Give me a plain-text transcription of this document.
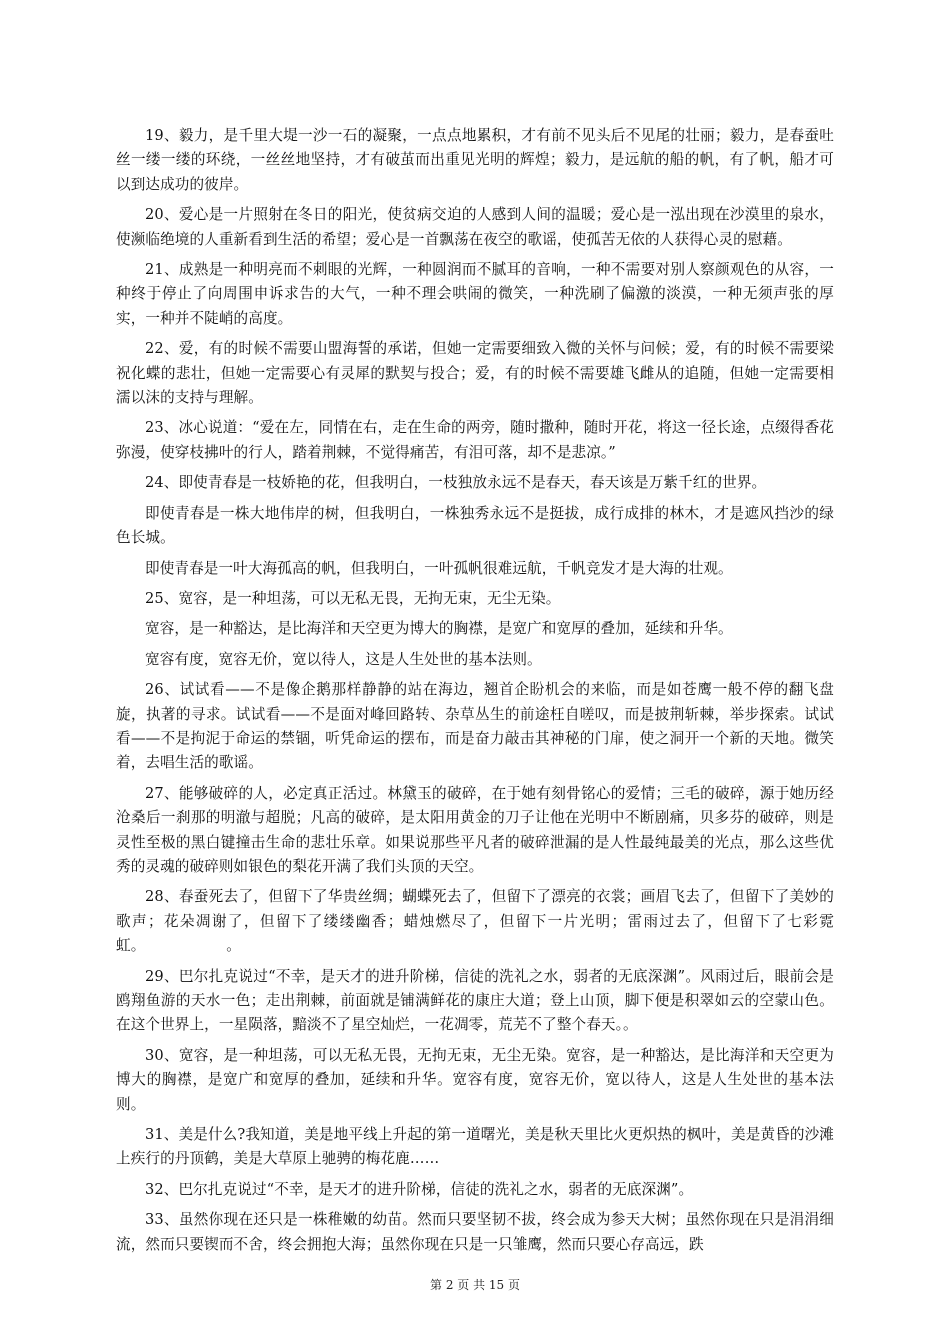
19、毅力，是千里大堤一沙一石的凝聚，一点点地累积，才有前不见头后不见尾的壮丽；毅力，是春蚕吐丝一缕一缕的环绕，一丝丝地坚持，才有破茧而出重见光明的辉煌；毅力，是远航的船的帆，有了帆，船才可以到达成功的彼岸。

20、爱心是一片照射在冬日的阳光，使贫病交迫的人感到人间的温暖；爱心是一泓出现在沙漠里的泉水，使濒临绝境的人重新看到生活的希望；爱心是一首飘荡在夜空的歌谣，使孤苦无依的人获得心灵的慰藉。

21、成熟是一种明亮而不刺眼的光辉，一种圆润而不腻耳的音响，一种不需要对别人察颜观色的从容，一种终于停止了向周围申诉求告的大气，一种不理会哄闹的微笑，一种洗刷了偏激的淡漠，一种无须声张的厚实，一种并不陡峭的高度。

22、爱，有的时候不需要山盟海誓的承诺，但她一定需要细致入微的关怀与问候；爱，有的时候不需要梁祝化蝶的悲壮，但她一定需要心有灵犀的默契与投合；爱，有的时候不需要雄飞雌从的追随，但她一定需要相濡以沫的支持与理解。

23、冰心说道：“爱在左，同情在右，走在生命的两旁，随时撒种，随时开花，将这一径长途，点缀得香花弥漫，使穿枝拂叶的行人，踏着荆棘，不觉得痛苦，有泪可落，却不是悲凉。”

24、即使青春是一枝娇艳的花，但我明白，一枝独放永远不是春天，春天该是万紫千红的世界。

即使青春是一株大地伟岸的树，但我明白，一株独秀永远不是挺拔，成行成排的林木，才是遮风挡沙的绿色长城。

即使青春是一叶大海孤高的帆，但我明白，一叶孤帆很难远航，千帆竞发才是大海的壮观。

25、宽容，是一种坦荡，可以无私无畏，无拘无束，无尘无染。

宽容，是一种豁达，是比海洋和天空更为博大的胸襟，是宽广和宽厚的叠加，延续和升华。

宽容有度，宽容无价，宽以待人，这是人生处世的基本法则。

26、试试看——不是像企鹅那样静静的站在海边，翘首企盼机会的来临，而是如苍鹰一般不停的翻飞盘旋，执著的寻求。试试看——不是面对峰回路转、杂草丛生的前途枉自嗟叹，而是披荆斩棘，举步探索。试试看——不是拘泥于命运的禁锢，听凭命运的摆布，而是奋力敲击其神秘的门扉，使之洞开一个新的天地。微笑着，去唱生活的歌谣。

27、能够破碎的人，必定真正活过。林黛玉的破碎，在于她有刻骨铭心的爱情；三毛的破碎，源于她历经沧桑后一刹那的明澈与超脱；凡高的破碎，是太阳用黄金的刀子让他在光明中不断剧痛，贝多芬的破碎，则是灵性至极的黑白键撞击生命的悲壮乐章。如果说那些平凡者的破碎泄漏的是人性最纯最美的光点，那么这些优秀的灵魂的破碎则如银色的梨花开满了我们头顶的天空。

28、春蚕死去了，但留下了华贵丝绸；蝴蝶死去了，但留下了漂亮的衣裳；画眉飞去了，但留下了美妙的歌声；花朵凋谢了，但留下了缕缕幽香；蜡烛燃尽了，但留下一片光明；雷雨过去了，但留下了七彩霓虹。　　　　　　。

29、巴尔扎克说过“不幸，是天才的进升阶梯，信徒的洗礼之水，弱者的无底深渊”。风雨过后，眼前会是鸥翔鱼游的天水一色；走出荆棘，前面就是铺满鲜花的康庄大道；登上山顶，脚下便是积翠如云的空蒙山色。在这个世界上，一星陨落，黯淡不了星空灿烂，一花凋零，荒芜不了整个春天。。

30、宽容，是一种坦荡，可以无私无畏，无拘无束，无尘无染。宽容，是一种豁达，是比海洋和天空更为博大的胸襟，是宽广和宽厚的叠加，延续和升华。宽容有度，宽容无价，宽以待人，这是人生处世的基本法则。

31、美是什么?我知道，美是地平线上升起的第一道曙光，美是秋天里比火更炽热的枫叶，美是黄昏的沙滩上疾行的丹顶鹤，美是大草原上驰骋的梅花鹿……

32、巴尔扎克说过“不幸，是天才的进升阶梯，信徒的洗礼之水，弱者的无底深渊”。

33、虽然你现在还只是一株稚嫩的幼苗。然而只要坚韧不拔，终会成为参天大树；虽然你现在只是涓涓细流，然而只要锲而不舍，终会拥抱大海；虽然你现在只是一只雏鹰，然而只要心存高远，跌

第 2 页 共 15 页
